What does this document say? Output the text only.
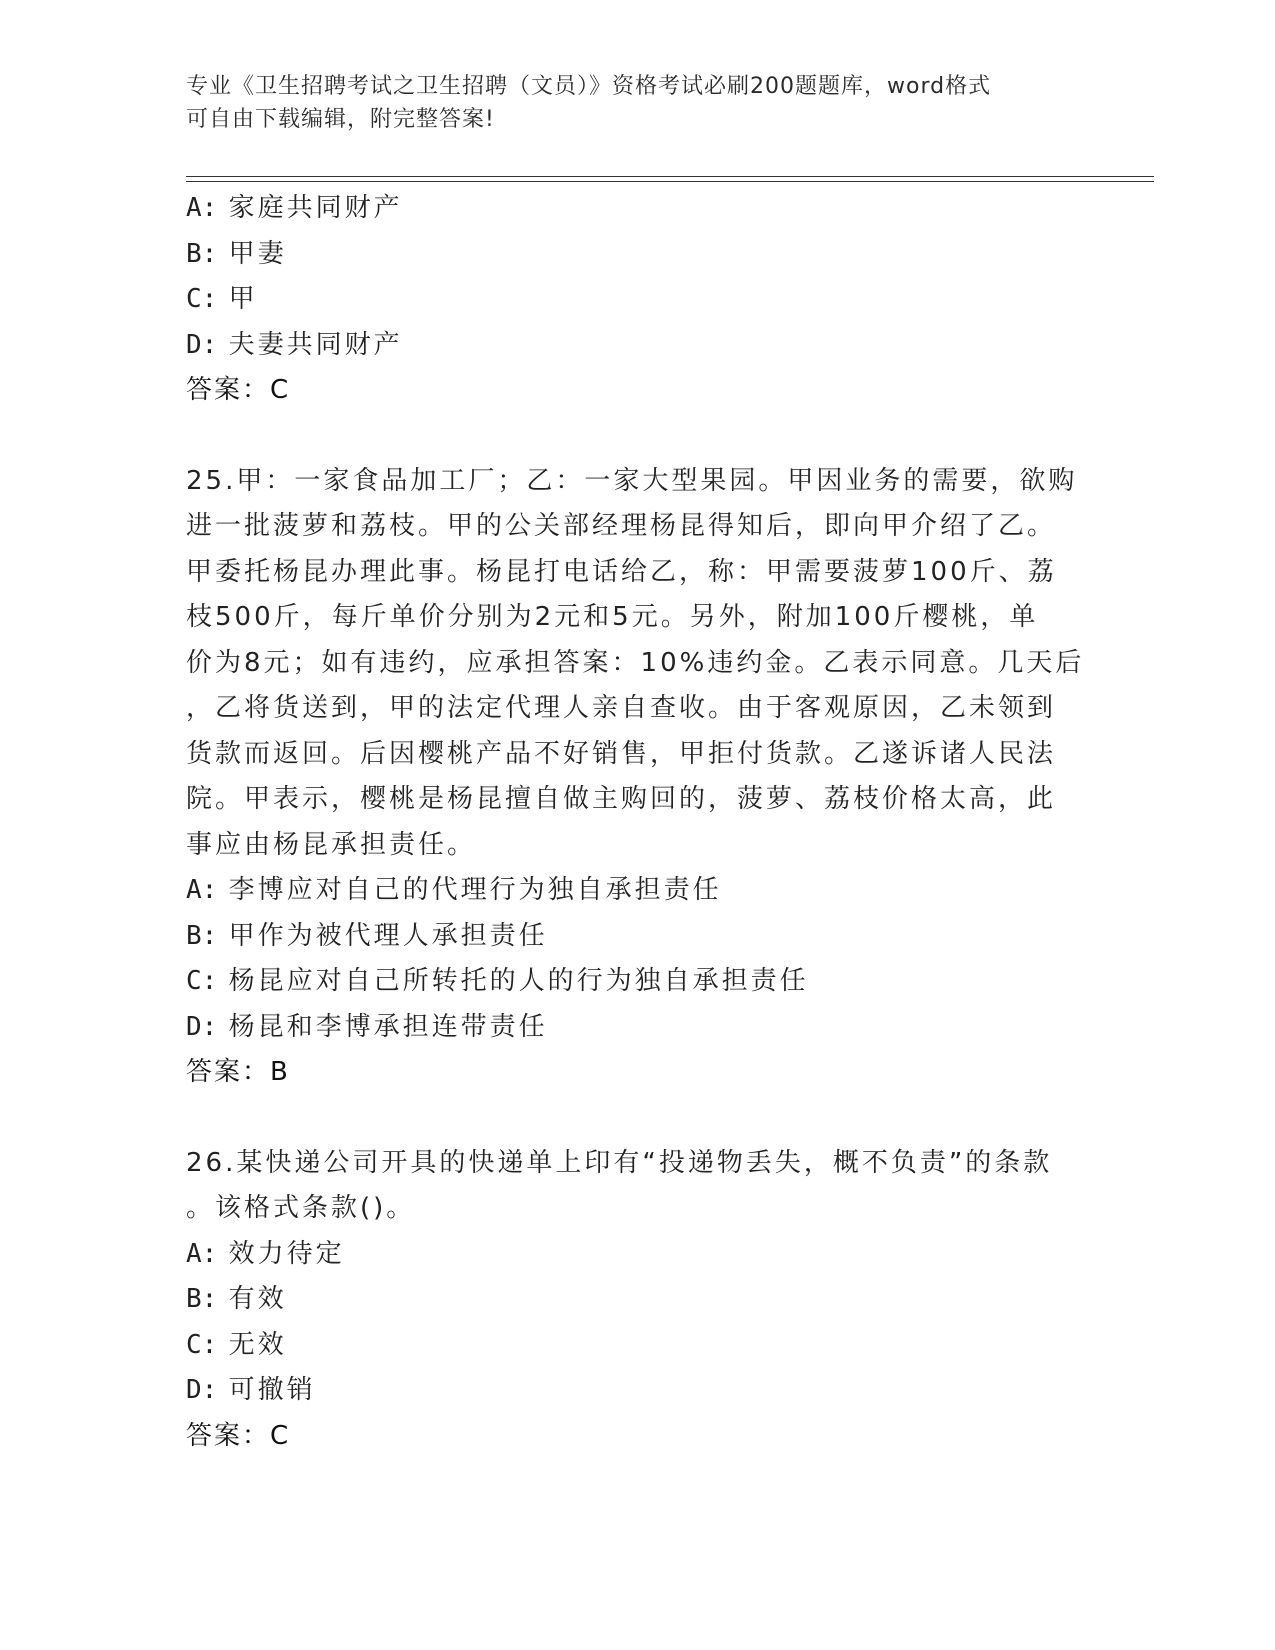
专业《卫生招聘考试之卫生招聘（文员）》资格考试必刷200题题库，word格式
可自由下载编辑，附完整答案!
A: 家庭共同财产
B: 甲妻
C: 甲
D: 夫妻共同财产
答案：C
25.甲：一家食品加工厂；乙：一家大型果园。甲因业务的需要，欲购
进一批菠萝和荔枝。甲的公关部经理杨昆得知后，即向甲介绍了乙。
甲委托杨昆办理此事。杨昆打电话给乙，称：甲需要菠萝100斤、荔
枝500斤，每斤单价分别为2元和5元。另外，附加100斤樱桃，单
价为8元；如有违约，应承担答案：10%违约金。乙表示同意。几天后
，乙将货送到，甲的法定代理人亲自查收。由于客观原因，乙未领到
货款而返回。后因樱桃产品不好销售，甲拒付货款。乙遂诉诸人民法
院。甲表示，樱桃是杨昆擅自做主购回的，菠萝、荔枝价格太高，此
事应由杨昆承担责任。
A: 李博应对自己的代理行为独自承担责任
B: 甲作为被代理人承担责任
C: 杨昆应对自己所转托的人的行为独自承担责任
D: 杨昆和李博承担连带责任
答案：B
26.某快递公司开具的快递单上印有“投递物丢失，概不负责”的条款
。该格式条款()。
A: 效力待定
B: 有效
C: 无效
D: 可撤销
答案：C
